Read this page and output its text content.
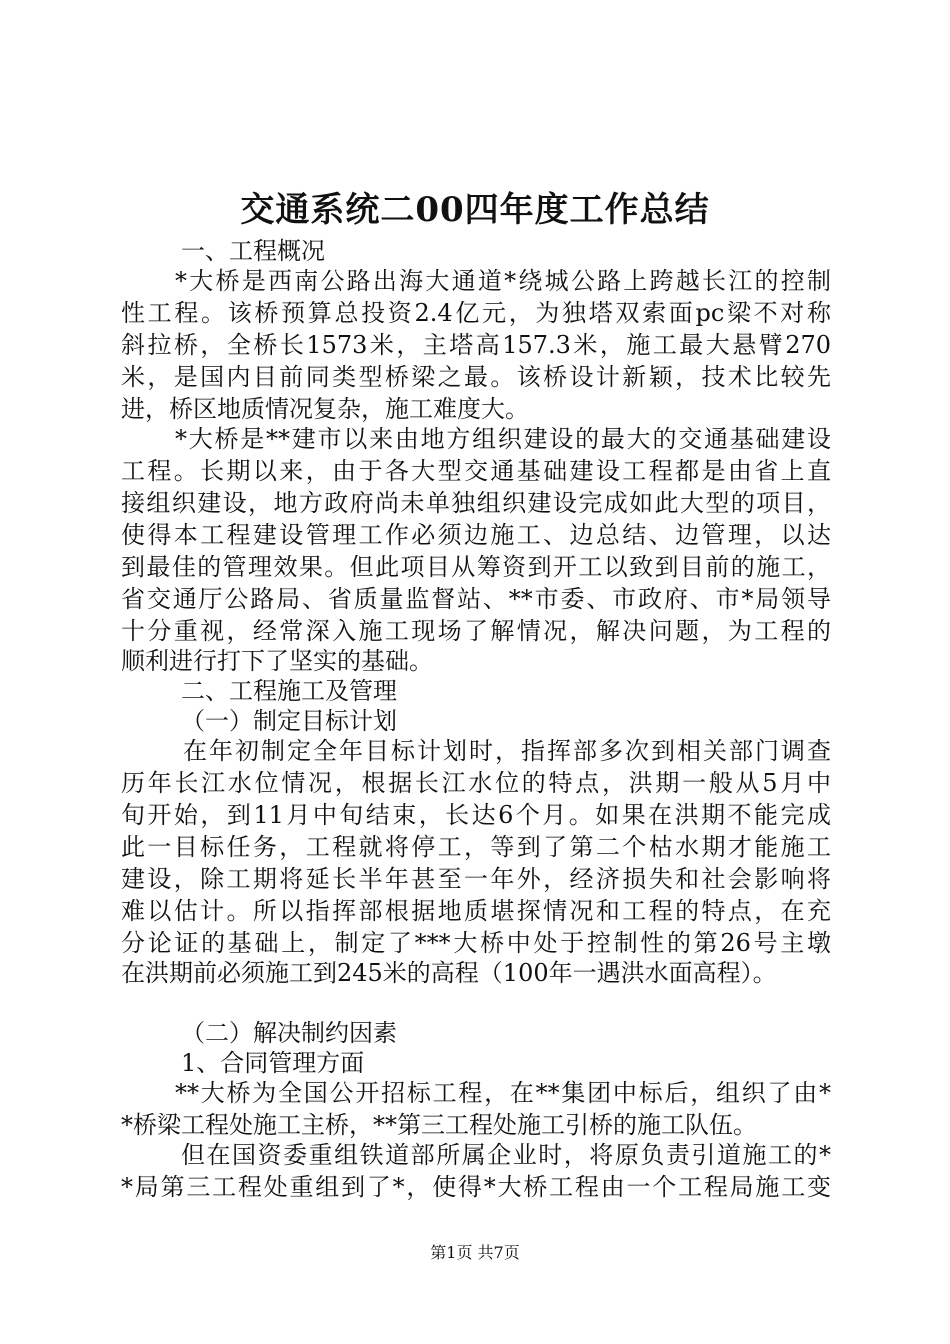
交通系统二00四年度工作总结
一、工程概况
*大桥是西南公路出海大通道*绕城公路上跨越长江的控制
性工程。该桥预算总投资2.4亿元，为独塔双索面pc梁不对称
斜拉桥，全桥长1573米，主塔高157.3米，施工最大悬臂270
米，是国内目前同类型桥梁之最。该桥设计新颖，技术比较先
进，桥区地质情况复杂，施工难度大。
*大桥是**建市以来由地方组织建设的最大的交通基础建设
工程。长期以来，由于各大型交通基础建设工程都是由省上直
接组织建设，地方政府尚未单独组织建设完成如此大型的项目，
使得本工程建设管理工作必须边施工、边总结、边管理，以达
到最佳的管理效果。但此项目从筹资到开工以致到目前的施工，
省交通厅公路局、省质量监督站、**市委、市政府、市*局领导
十分重视，经常深入施工现场了解情况，解决问题，为工程的
顺利进行打下了坚实的基础。
二、工程施工及管理
（一）制定目标计划
在年初制定全年目标计划时，指挥部多次到相关部门调查
历年长江水位情况，根据长江水位的特点，洪期一般从5月中
旬开始，到11月中旬结束，长达6个月。如果在洪期不能完成
此一目标任务，工程就将停工，等到了第二个枯水期才能施工
建设，除工期将延长半年甚至一年外，经济损失和社会影响将
难以估计。所以指挥部根据地质堪探情况和工程的特点，在充
分论证的基础上，制定了***大桥中处于控制性的第26号主墩
在洪期前必须施工到245米的高程（100年一遇洪水面高程）。
（二）解决制约因素
1、合同管理方面
**大桥为全国公开招标工程，在**集团中标后，组织了由*
*桥梁工程处施工主桥，**第三工程处施工引桥的施工队伍。
但在国资委重组铁道部所属企业时，将原负责引道施工的*
*局第三工程处重组到了*，使得*大桥工程由一个工程局施工变
第1页 共7页
